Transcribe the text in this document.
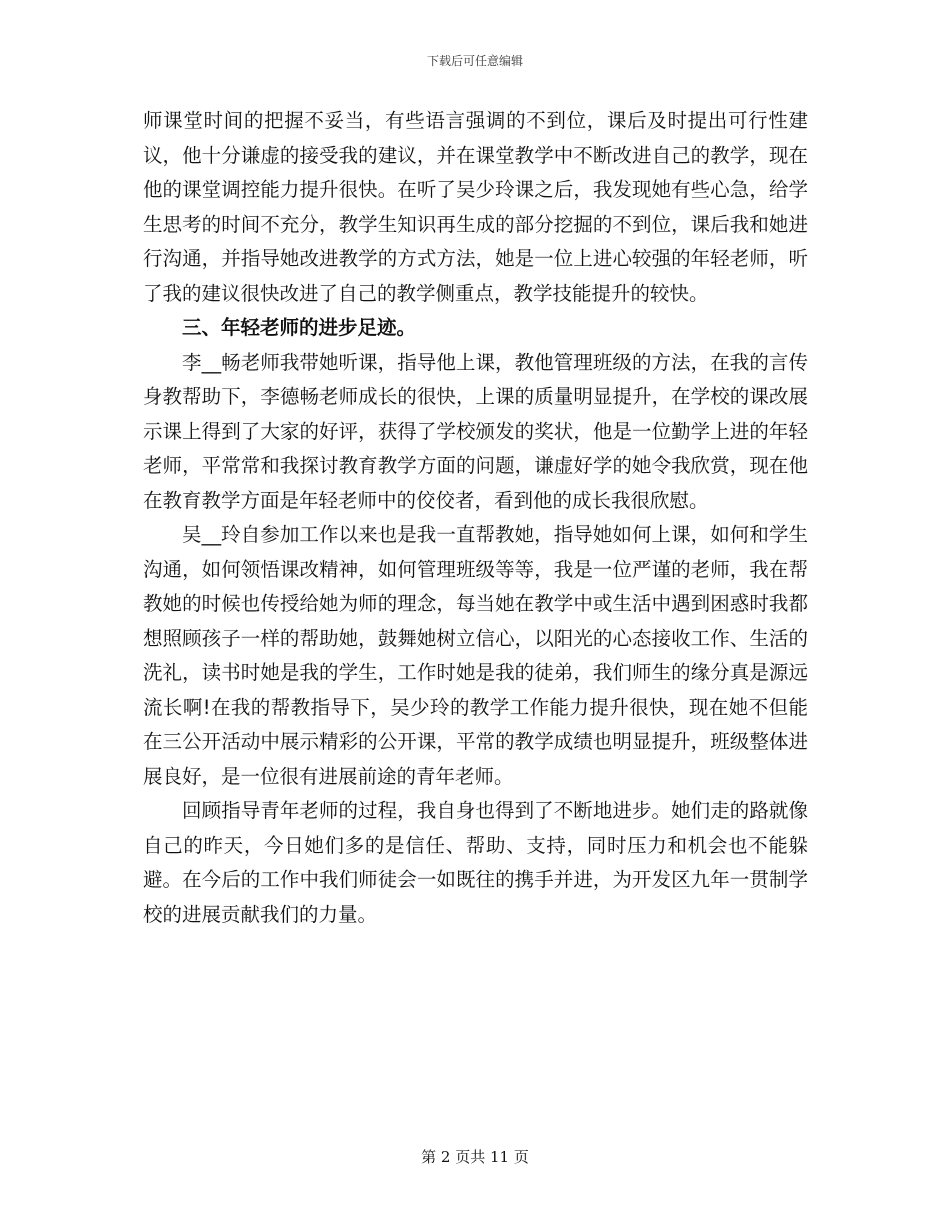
下载后可任意编辑

师课堂时间的把握不妥当，有些语言强调的不到位，课后及时提出可行性建议，他十分谦虚的接受我的建议，并在课堂教学中不断改进自己的教学，现在他的课堂调控能力提升很快。在听了吴少玲课之后，我发现她有些心急，给学生思考的时间不充分，教学生知识再生成的部分挖掘的不到位，课后我和她进行沟通，并指导她改进教学的方式方法，她是一位上进心较强的年轻老师，听了我的建议很快改进了自己的教学侧重点，教学技能提升的较快。

三、年轻老师的进步足迹。

李__畅老师我带她听课，指导他上课，教他管理班级的方法，在我的言传身教帮助下，李德畅老师成长的很快，上课的质量明显提升，在学校的课改展示课上得到了大家的好评，获得了学校颁发的奖状，他是一位勤学上进的年轻老师，平常常和我探讨教育教学方面的问题，谦虚好学的她令我欣赏，现在他在教育教学方面是年轻老师中的佼佼者，看到他的成长我很欣慰。

吴__玲自参加工作以来也是我一直帮教她，指导她如何上课，如何和学生沟通，如何领悟课改精神，如何管理班级等等，我是一位严谨的老师，我在帮教她的时候也传授给她为师的理念，每当她在教学中或生活中遇到困惑时我都想照顾孩子一样的帮助她，鼓舞她树立信心，以阳光的心态接收工作、生活的洗礼，读书时她是我的学生，工作时她是我的徒弟，我们师生的缘分真是源远流长啊!在我的帮教指导下，吴少玲的教学工作能力提升很快，现在她不但能在三公开活动中展示精彩的公开课，平常的教学成绩也明显提升，班级整体进展良好，是一位很有进展前途的青年老师。

回顾指导青年老师的过程，我自身也得到了不断地进步。她们走的路就像自己的昨天，今日她们多的是信任、帮助、支持，同时压力和机会也不能躲避。在今后的工作中我们师徒会一如既往的携手并进，为开发区九年一贯制学校的进展贡献我们的力量。

第 2 页共 11 页
